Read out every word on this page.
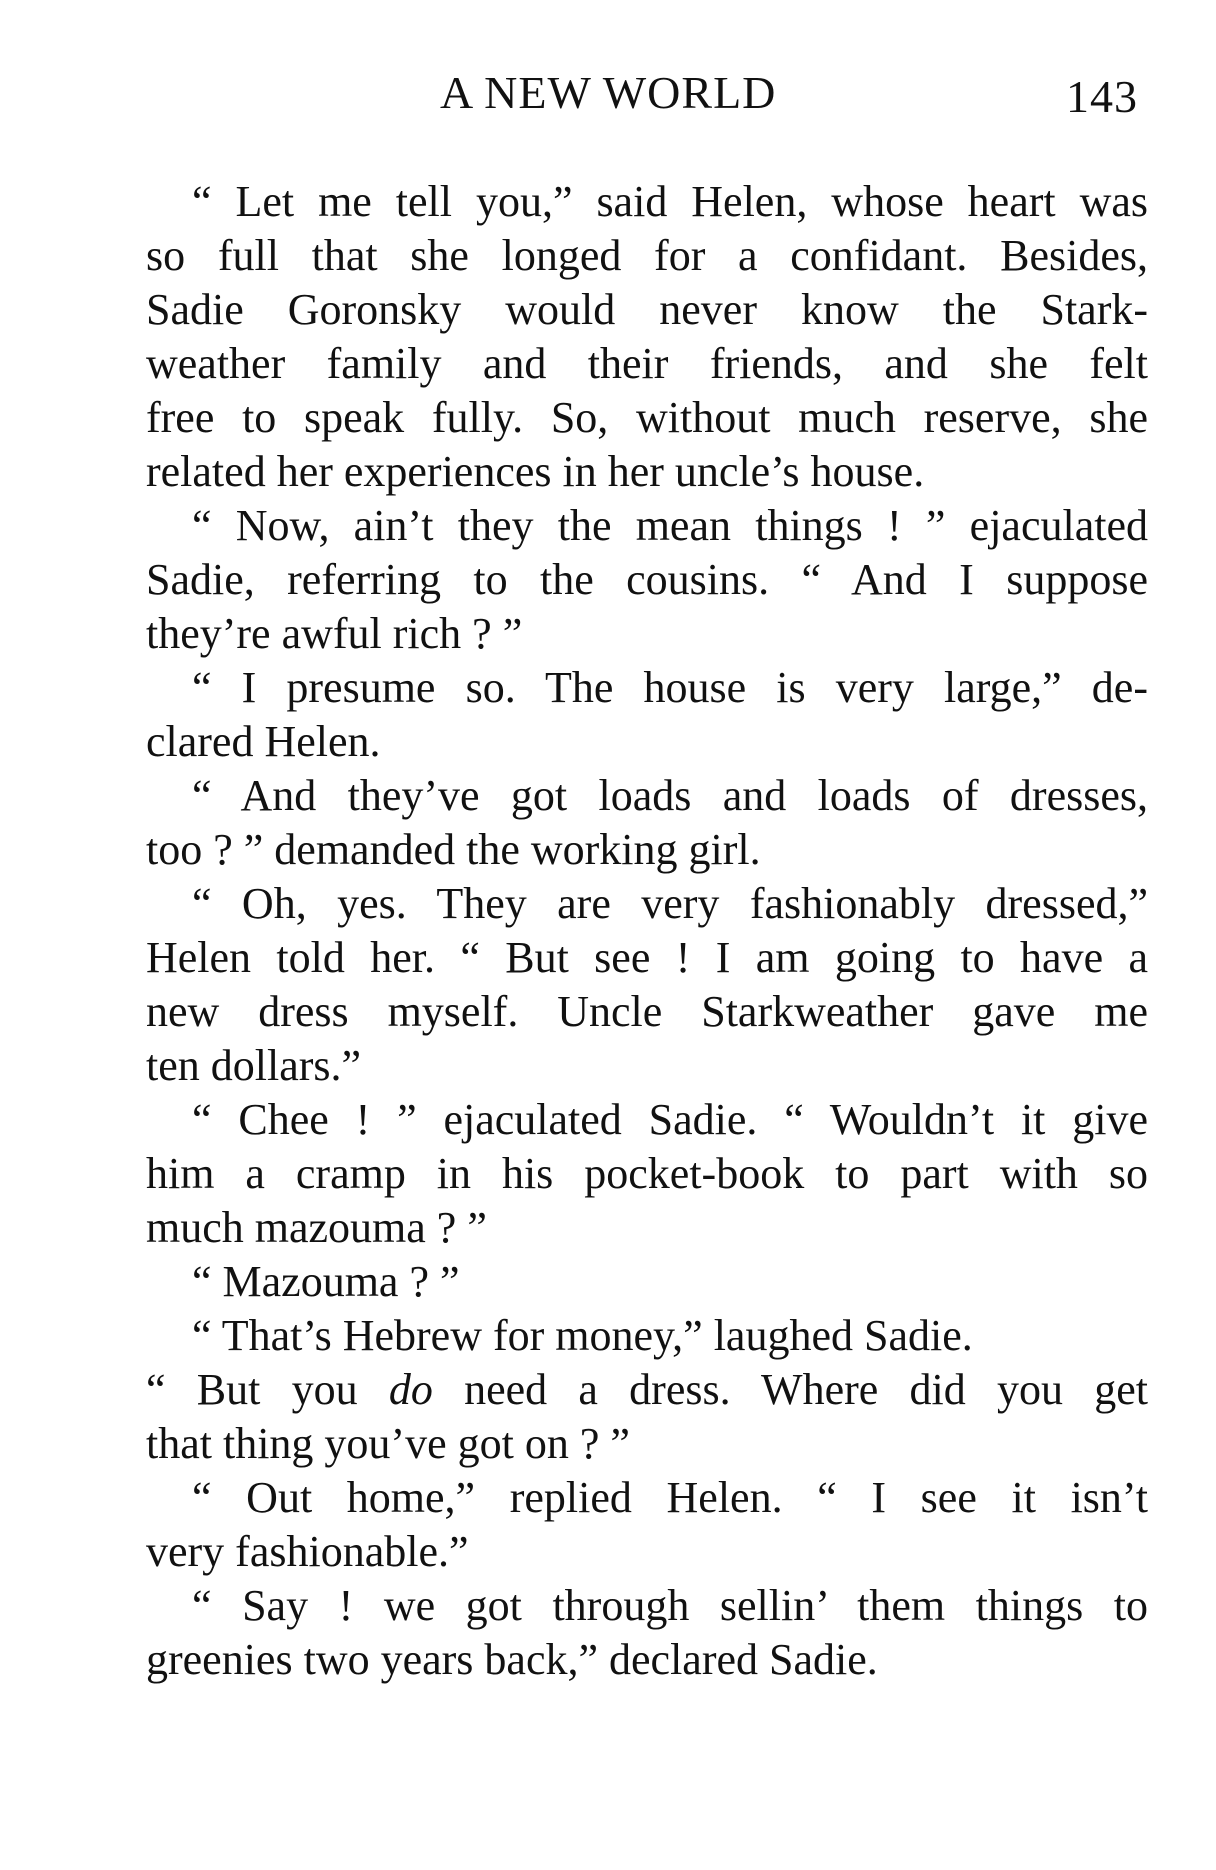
A NEW WORLD	143
“ Let me tell you,” said Helen, whose heart was
so full that she longed for a confidant. Besides,
Sadie Goronsky would never know the Stark-
weather family and their friends, and she felt
free to speak fully. So, without much reserve, she
related her experiences in her uncle’s house.
“ Now, ain’t they the mean things ! ” ejaculated
Sadie, referring to the cousins. “ And I suppose
they’re awful rich ? ”
“ I presume so. The house is very large,” de-
clared Helen.
“ And they’ve got loads and loads of dresses,
too ? ” demanded the working girl.
“ Oh, yes. They are very fashionably dressed,”
Helen told her. “ But see ! I am going to have a
new dress myself. Uncle Starkweather gave me
ten dollars.”
“ Chee ! ” ejaculated Sadie. “ Wouldn’t it give
him a cramp in his pocket-book to part with so
much mazouma ? ”
“ Mazouma ? ”
“ That’s Hebrew for money,” laughed Sadie.
“ But you do need a dress. Where did you get
that thing you’ve got on ? ”
“ Out home,” replied Helen. “ I see it isn’t
very fashionable.”
“ Say ! we got through sellin’ them things to
greenies two years back,” declared Sadie.
